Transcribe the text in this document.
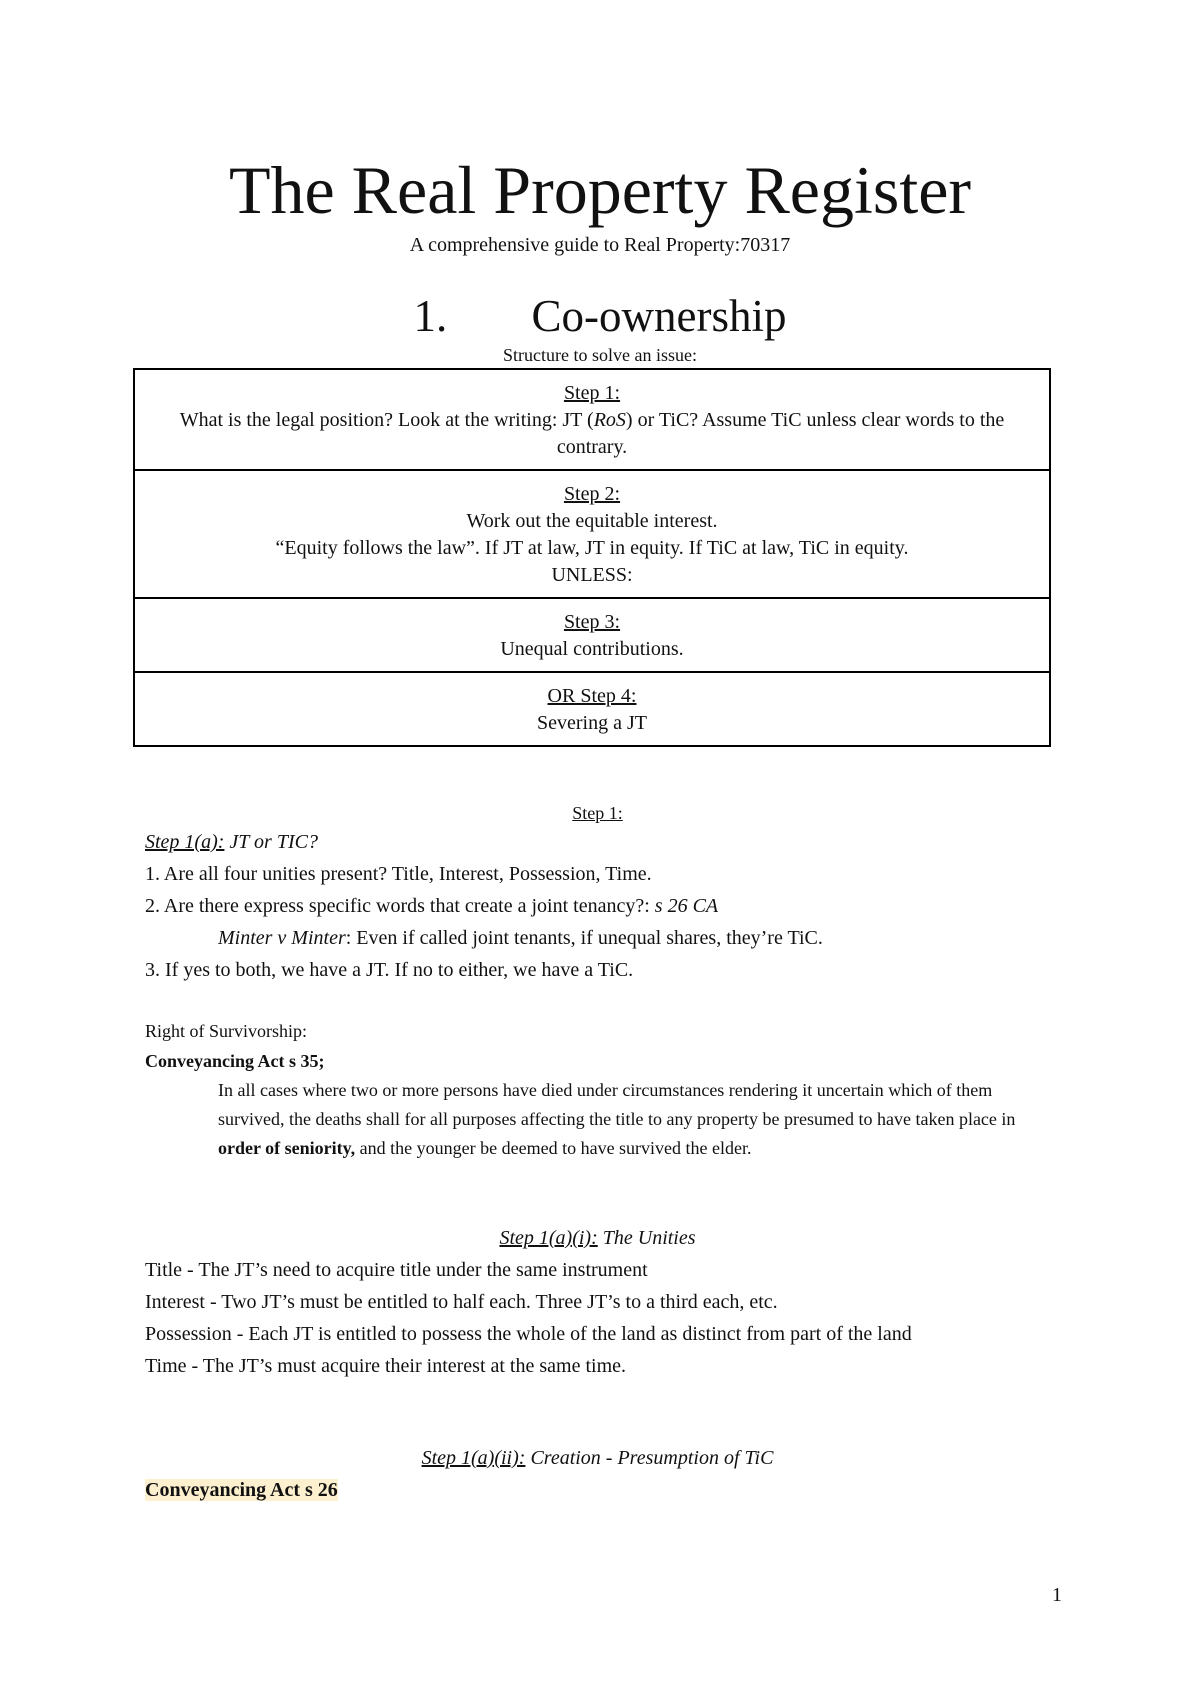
The Real Property Register
A comprehensive guide to Real Property:70317
1. Co-ownership
Structure to solve an issue:
Step 1:
What is the legal position? Look at the writing: JT (RoS) or TiC? Assume TiC unless clear words to the contrary.
Step 2:
Work out the equitable interest.
“Equity follows the law”. If JT at law, JT in equity. If TiC at law, TiC in equity.
UNLESS:
Step 3:
Unequal contributions.
OR Step 4:
Severing a JT
Step 1:
Step 1(a): JT or TIC?
1. Are all four unities present? Title, Interest, Possession, Time.
2. Are there express specific words that create a joint tenancy?: s 26 CA
Minter v Minter: Even if called joint tenants, if unequal shares, they’re TiC.
3. If yes to both, we have a JT. If no to either, we have a TiC.
Right of Survivorship:
Conveyancing Act s 35;
In all cases where two or more persons have died under circumstances rendering it uncertain which of them survived, the deaths shall for all purposes affecting the title to any property be presumed to have taken place in order of seniority, and the younger be deemed to have survived the elder.
Step 1(a)(i): The Unities
Title - The JT’s need to acquire title under the same instrument
Interest - Two JT’s must be entitled to half each. Three JT’s to a third each, etc.
Possession - Each JT is entitled to possess the whole of the land as distinct from part of the land
Time - The JT’s must acquire their interest at the same time.
Step 1(a)(ii): Creation - Presumption of TiC
Conveyancing Act s 26
1
